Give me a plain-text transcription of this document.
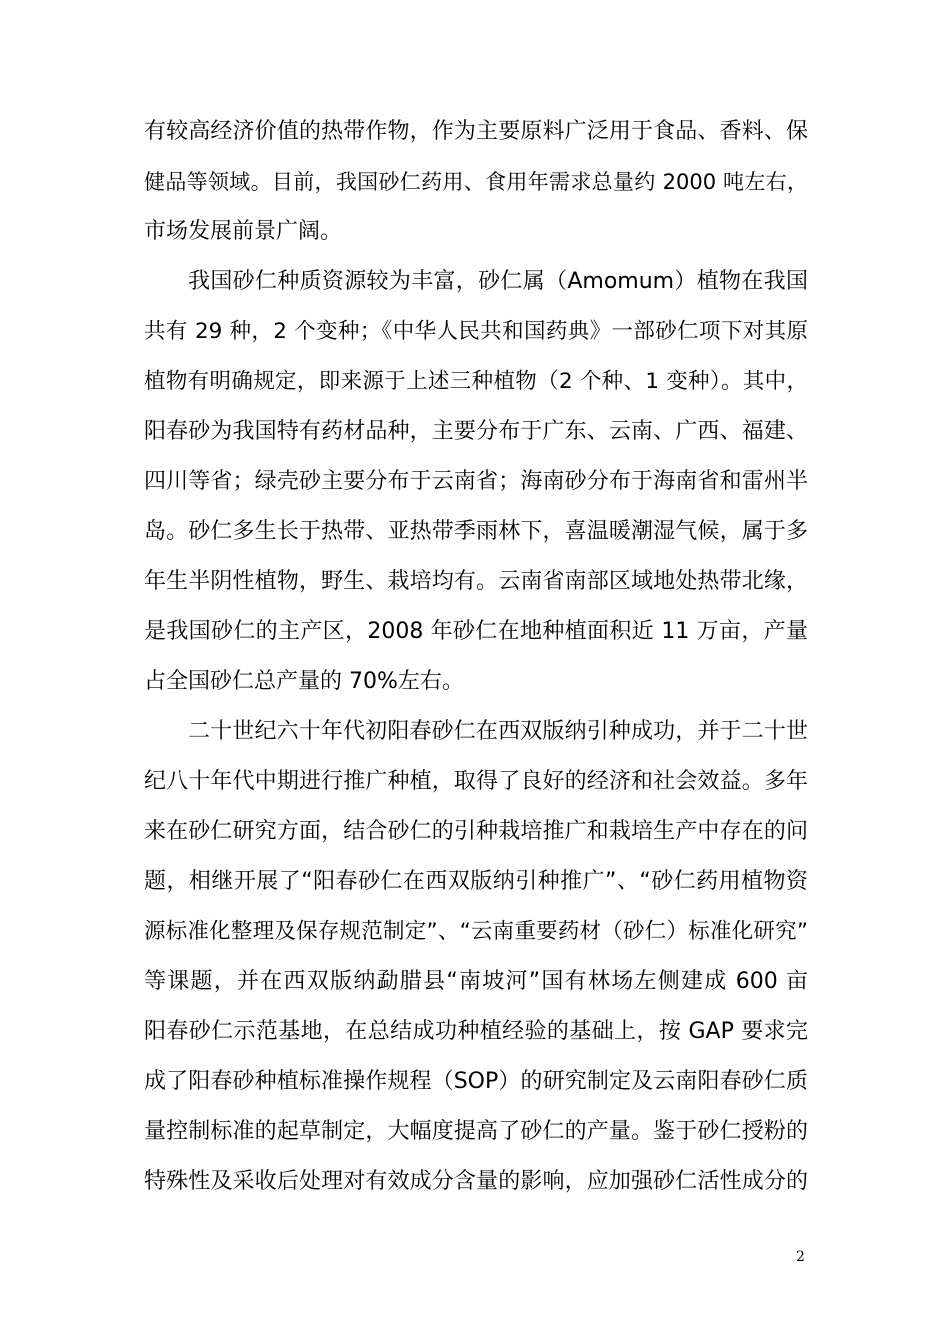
有较高经济价值的热带作物，作为主要原料广泛用于食品、香料、保
健品等领域。目前，我国砂仁药用、食用年需求总量约 2000 吨左右，
市场发展前景广阔。
我国砂仁种质资源较为丰富，砂仁属（Amomum）植物在我国
共有 29 种，2 个变种；《中华人民共和国药典》一部砂仁项下对其原
植物有明确规定，即来源于上述三种植物（2 个种、1 变种）。其中，
阳春砂为我国特有药材品种，主要分布于广东、云南、广西、福建、
四川等省；绿壳砂主要分布于云南省；海南砂分布于海南省和雷州半
岛。砂仁多生长于热带、亚热带季雨林下，喜温暖潮湿气候，属于多
年生半阴性植物，野生、栽培均有。云南省南部区域地处热带北缘，
是我国砂仁的主产区，2008 年砂仁在地种植面积近 11 万亩，产量
占全国砂仁总产量的 70%左右。
二十世纪六十年代初阳春砂仁在西双版纳引种成功，并于二十世
纪八十年代中期进行推广种植，取得了良好的经济和社会效益。多年
来在砂仁研究方面，结合砂仁的引种栽培推广和栽培生产中存在的问
题，相继开展了“阳春砂仁在西双版纳引种推广”、“砂仁药用植物资
源标准化整理及保存规范制定”、“云南重要药材（砂仁）标准化研究”
等课题，并在西双版纳勐腊县“南坡河”国有林场左侧建成 600 亩
阳春砂仁示范基地，在总结成功种植经验的基础上，按 GAP 要求完
成了阳春砂种植标准操作规程（SOP）的研究制定及云南阳春砂仁质
量控制标准的起草制定，大幅度提高了砂仁的产量。鉴于砂仁授粉的
特殊性及采收后处理对有效成分含量的影响，应加强砂仁活性成分的
2
